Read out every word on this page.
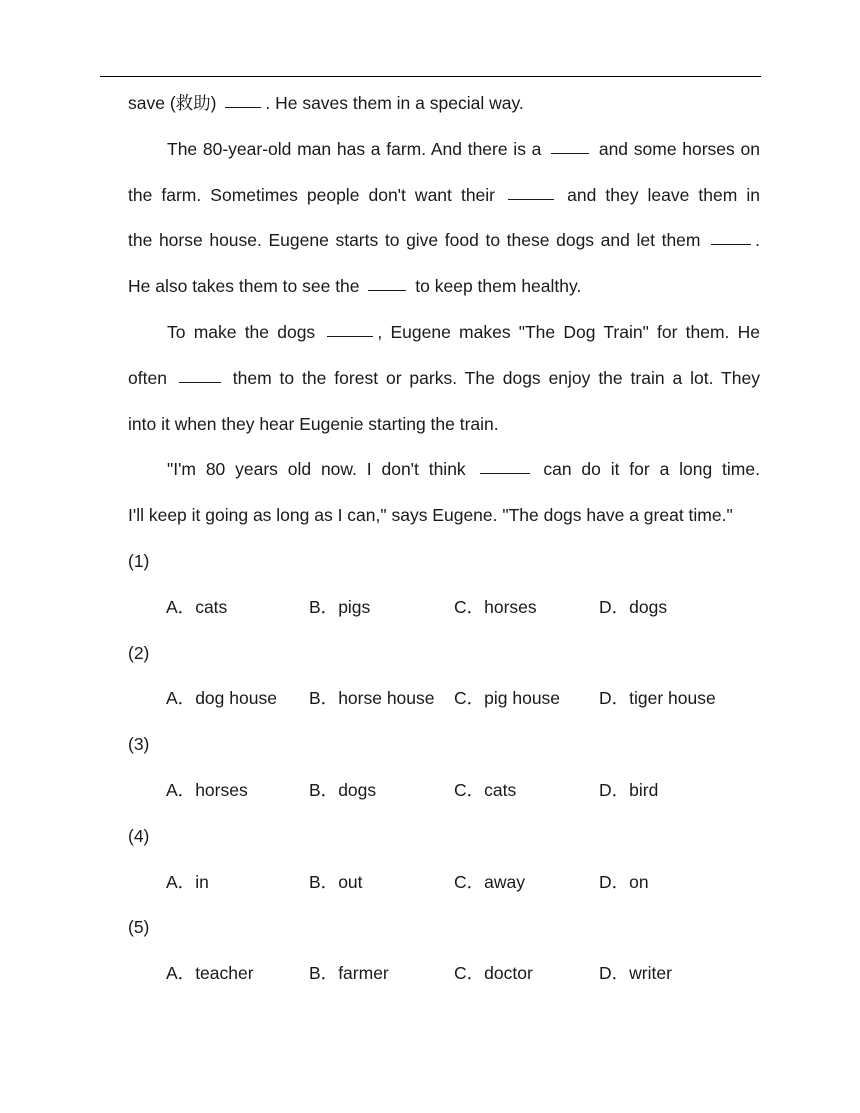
save (救助)	. He saves them in a special way.
The 80-year-old man has a farm. And there is a	and some horses on
the farm. Sometimes people don't want their	and they leave them in
the horse house. Eugene starts to give food to these dogs and let them	.
He also takes them to see the	to keep them healthy.
To make the dogs	, Eugene makes "The Dog Train" for them. He
often	them to the forest or parks. The dogs enjoy the train a lot. They
into it when they hear Eugenie starting the train.
"I'm 80 years old now. I don't think	can do it for a long time.
I'll keep it going as long as I can," says Eugene. "The dogs have a great time."
(1)
A．cats	B．pigs	C．horses	D．dogs
(2)
A．dog house B．horse house C．pig house D．tiger house
(3)
A．horses	B．dogs	C．cats	D．bird
(4)
A．in	B．out	C．away	D．on
(5)
A．teacher	B．farmer	C．doctor	D．writer
